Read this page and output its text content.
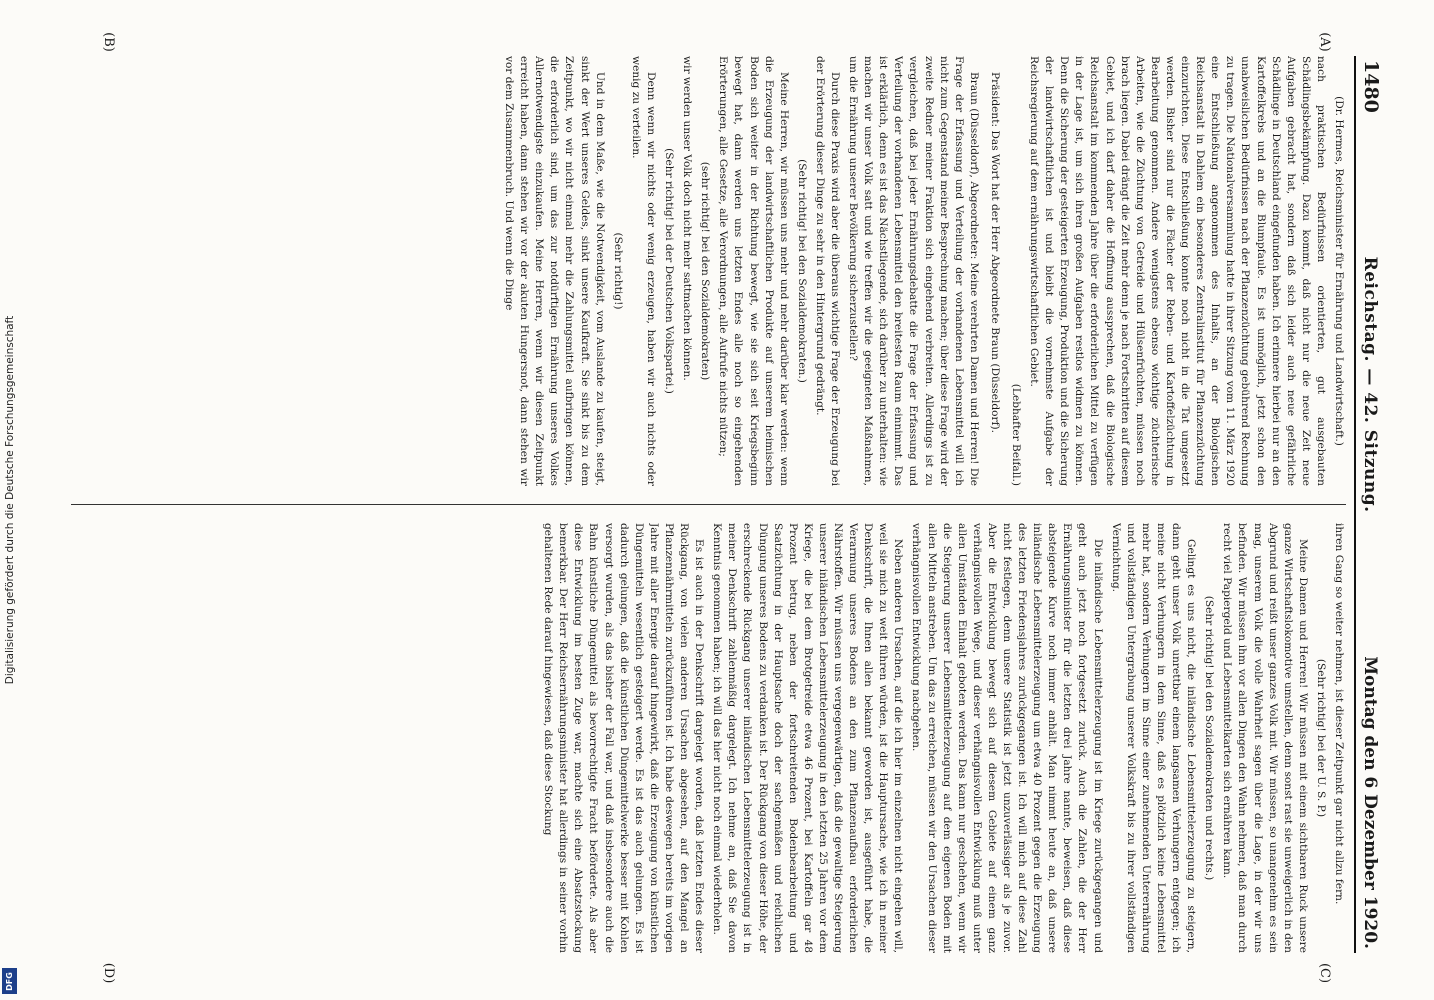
Digitalisierung gefördert durch die Deutsche Forschungsgemeinschaft
DFG
1480
Reichstag. — 42. Sitzung.
Montag den 6 Dezember 1920.
(A)
(B)
(C)
(D)

(Dr. Hermes, Reichsminister für Ernährung und Landwirtschaft.)

nach praktischen Bedürfnissen orientierten, gut ausgebauten Schädlingsbekämpfung. Dazu kommt, daß nicht nur die neue Zeit neue Aufgaben gebracht hat, sondern daß sich leider auch neue gefährliche Schädlinge in Deutschland eingefunden haben. Ich erinnere hierbei nur an den Kartoffelkrebs und an die Blumpfaule. Es ist unmöglich, jetzt schon den unabweislichen Bedürfnissen nach der Pflanzenzüchtung gebührend Rechnung zu tragen. Die Nationalversammlung hatte in ihrer Sitzung vom 11. März 1920 eine Entschließung angenommen des Inhalts, an der Biologischen Reichsanstalt in Dahlem ein besonderes Zentralinstitut für Pflanzenzüchtung einzurichten. Diese Entschließung konnte noch nicht in die Tat umgesetzt werden. Bisher sind nur die Fächer der Reben- und Kartoffelzüchtung in Bearbeitung genommen. Andere wenigstens ebenso wichtige züchterische Arbeiten, wie die Züchtung von Getreide und Hülsenfrüchten, müssen noch brach liegen. Dabei drängt die Zeit mehr denn je nach Fortschritten auf diesem Gebiet, und ich darf daher die Hoffnung aussprechen, daß die Biologische Reichsanstalt im kommenden Jahre über die erforderlichen Mittel zu verfügen in der Lage ist, um sich ihren großen Aufgaben restlos widmen zu können. Denn die Sicherung der gesteigerten Erzeugung, Produktion und die Sicherung der landwirtschaftlichen ist und bleibt die vornehmste Aufgabe der Reichsregierung auf dem ernährungswirtschaftlichen Gebiet.

(Lebhafter Beifall.)

Präsident: Das Wort hat der Herr Abgeordnete Braun (Düsseldorf).

Braun (Düsseldorf), Abgeordneter: Meine verehrten Damen und Herren! Die Frage der Erfassung und Verteilung der vorhandenen Lebensmittel will ich nicht zum Gegenstand meiner Besprechung machen; über diese Frage wird der zweite Redner meiner Fraktion sich eingehend verbreiten. Allerdings ist zu vergleichen, daß bei jeder Ernährungsdebatte die Frage der Erfassung und Verteilung der vorhandenen Lebensmittel den breitesten Raum einnimmt. Das ist erklärlich, denn es ist das Nächstliegende, sich darüber zu unterhalten: wie machen wir unser Volk satt und wie treffen wir die geeigneten Maßnahmen, um die Ernährung unserer Bevölkerung sicherzustellen?

Durch diese Praxis wird aber die überaus wichtige Frage der Erzeugung bei der Erörterung dieser Dinge zu sehr in den Hintergrund gedrängt.

(Sehr richtig! bei den Sozialdemokraten.)

Meine Herren, wir müssen uns mehr und mehr darüber klar werden: wenn die Erzeugung der landwirtschaftlichen Produkte auf unserem heimischen Boden sich weiter in der Richtung bewegt, wie sie sich seit Kriegsbeginn bewegt hat, dann werden uns letzten Endes alle noch so eingehenden Erörterungen, alle Gesetze, alle Verordnungen, alle Aufrufe nichts nützen;

(sehr richtig! bei den Sozialdemokraten)

wir werden unser Volk doch nicht mehr sattmachen können.

(Sehr richtig! bei der Deutschen Volkspartei.)

Denn wenn wir nichts oder wenig erzeugen, haben wir auch nichts oder wenig zu verteilen.

(Sehr richtig!)

Und in dem Maße, wie die Notwendigkeit, vom Auslande zu kaufen, steigt, sinkt der Wert unseres Geldes, sinkt unsere Kaufkraft. Sie sinkt bis zu dem Zeitpunkt, wo wir nicht einmal mehr die Zahlungsmittel aufbringen können, die erforderlich sind, um das zur notdürftigen Ernährung unseres Volkes Allernotwendigste einzukaufen. Meine Herren, wenn wir diesen Zeitpunkt erreicht haben, dann stehen wir vor der akuten Hungersnot, dann stehen wir vor dem Zusammenbruch. Und wenn die Dinge

ihren Gang so weiter nehmen, ist dieser Zeitpunkt gar nicht allzu fern.

(Sehr richtig! bei der U. S. P.)

Meine Damen und Herren! Wir müssen mit einem sichtbaren Ruck unsere ganze Wirtschaftslokomotive umstellen, denn sonst rast sie unweigerlich in den Abgrund und reißt unser ganzes Volk mit. Wir müssen, so unangenehm es sein mag, unserem Volk die volle Wahrheit sagen über die Lage, in der wir uns befinden. Wir müssen ihm vor allen Dingen den Wahn nehmen, daß man durch recht viel Papiergeld und Lebensmittelkarten sich ernähren kann.

(Sehr richtig! bei den Sozialdemokraten und rechts.)

Gelingt es uns nicht, die inländische Lebensmittelerzeugung zu steigern, dann geht unser Volk unrettbar einem langsamen Verhungern entgegen; ich meine nicht Verhungern in dem Sinne, daß es plötzlich keine Lebensmittel mehr hat, sondern Verhungern im Sinne einer zunehmenden Unterernährung und vollständigen Untergrabung unserer Volkskraft bis zu ihrer vollständigen Vernichtung.

Die inländische Lebensmittelerzeugung ist im Kriege zurückgegangen und geht auch jetzt noch fortgesetzt zurück. Auch die Zahlen, die der Herr Ernährungsminister für die letzten drei Jahre nannte, beweisen, daß diese absteigende Kurve noch immer anhält. Man nimmt heute an, daß unsere inländische Lebensmittelerzeugung um etwa 40 Prozent gegen die Erzeugung des letzten Friedensjahres zurückgegangen ist. Ich will mich auf diese Zahl nicht festlegen, denn unsere Statistik ist jetzt unzuverlässiger als je zuvor. Aber die Entwicklung bewegt sich auf diesem Gebiete auf einem ganz verhängnisvollen Wege, und dieser verhängnisvollen Entwicklung muß unter allen Umständen Einhalt geboten werden. Das kann nur geschehen, wenn wir die Steigerung unserer Lebensmittelerzeugung auf dem eigenen Boden mit allen Mitteln anstreben. Um das zu erreichen, müssen wir den Ursachen dieser verhängnisvollen Entwicklung nachgehen.

Neben anderen Ursachen, auf die ich hier im einzelnen nicht eingehen will, weil sie mich zu weit führen würden, ist die Hauptursache, wie ich in meiner Denkschrift, die Ihnen allen bekannt geworden ist, ausgeführt habe, die Verarmung unseres Bodens an den zum Pflanzenaufbau erforderlichen Nährstoffen. Wir müssen uns vergegenwärtigen, daß die gewaltige Steigerung unserer inländischen Lebensmittelerzeugung in den letzten 25 Jahren vor dem Kriege, die bei dem Brotgetreide etwa 46 Prozent, bei Kartoffeln gar 48 Prozent betrug, neben der fortschreitenden Bodenbearbeitung und Saatzüchtung in der Hauptsache doch der sachgemäßen und reichlichen Düngung unseres Bodens zu verdanken ist. Der Rückgang von dieser Höhe, der erschreckende Rückgang unserer inländischen Lebensmittelerzeugung ist in meiner Denkschrift zahlenmäßig dargelegt. Ich nehme an, daß Sie davon Kenntnis genommen haben; ich will das hier nicht noch einmal wiederholen.

Es ist auch in der Denkschrift dargelegt worden, daß letzten Endes dieser Rückgang, von vielen anderen Ursachen abgesehen, auf den Mangel an Pflanzennährmitteln zurückzuführen ist. Ich habe deswegen bereits im vorigen Jahre mit aller Energie darauf hingewirkt, daß die Erzeugung von künstlichen Düngemitteln wesentlich gesteigert werde. Es ist das auch gelungen. Es ist dadurch gelungen, daß die künstlichen Düngemittelwerke besser mit Kohlen versorgt wurden, als das bisher der Fall war, und daß insbesondere auch die Bahn künstliche Düngemittel als bevorrechtigte Fracht beförderte. Als aber diese Entwicklung im besten Zuge war, machte sich eine Absatzstockung bemerkbar. Der Herr Reichsernährungsminister hat allerdings in seiner vorhin gehaltenen Rede darauf hingewiesen, daß diese Stockung
